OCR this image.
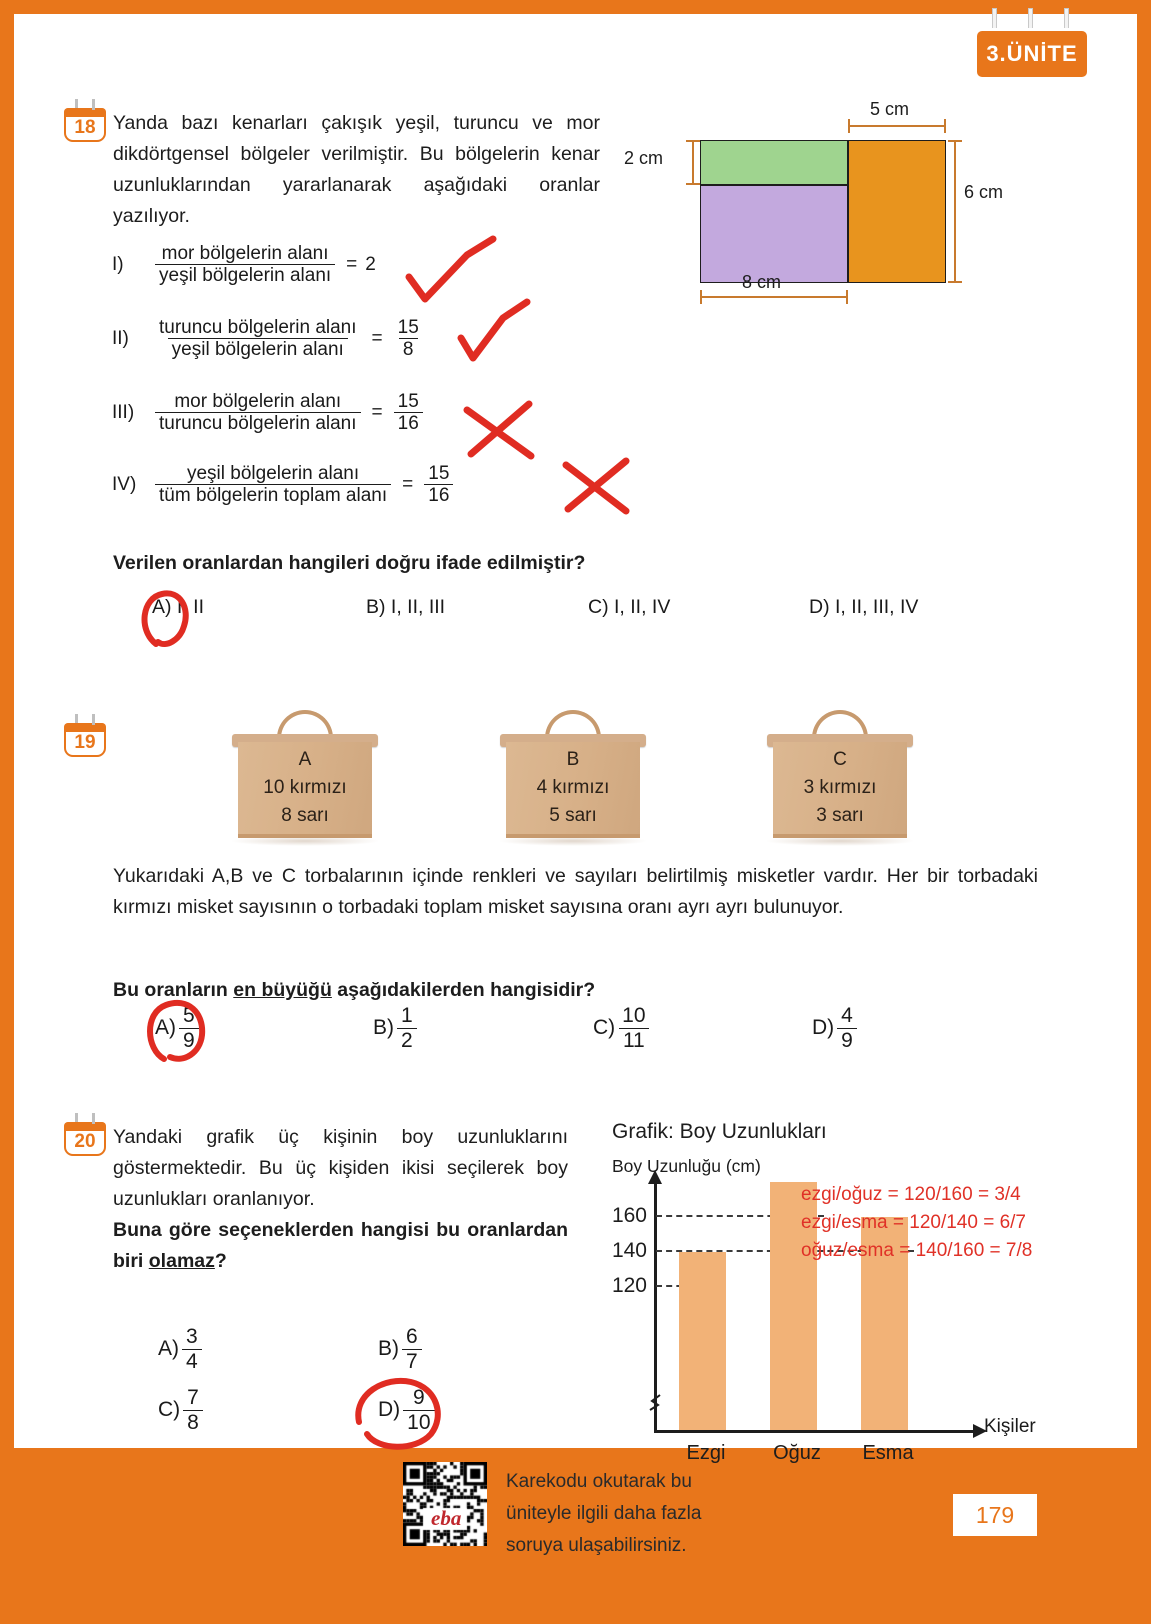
3.ÜNİTE
18 Yanda bazı kenarları çakışık yeşil, turuncu ve mor dikdörtgensel bölgeler verilmiştir. Bu bölgelerin kenar uzunluklarından yararlanarak aşağıdaki oranlar yazılıyor.
I)	$\frac{\text{mor bölgelerin alanı}}{\text{yeşil bölgelerin alanı}} = 2$
II)	$\frac{\text{turuncu bölgelerin alanı}}{\text{yeşil bölgelerin alanı}} = \frac{15}{8}$
III)	$\frac{\text{mor bölgelerin alanı}}{\text{turuncu bölgelerin alanı}} = \frac{15}{16}$
$IV) \frac{\text{yeşil bölgelerin alanı}}{\text{tüm bölgelerin toplam alanı}} = \frac{15}{16}$
5 cm
2 cm
6 cm
8 cm
Verilen oranlardan hangileri doğru ifade edilmiştir?
A) I, II	B) I, II, III	C) I, II, IV	D) I, II, III, IV
19
A
10 kırmızı
8 sarı
B
4 kırmızı
5 sarı
C
3 kırmızı
3 sarı
Yukarıdaki A,B ve C torbalarının içinde renkleri ve sayıları belirtilmiş misketler vardır. Her bir torbadaki kırmızı misket sayısının o torbadaki toplam misket sayısına oranı ayrı ayrı bulunuyor.
Bu oranların en büyüğü aşağıdakilerden hangisidir?
$A) \frac{5}{9}$	$B) \frac{1}{2}$	$C) \frac{10}{11}$	$D) \frac{4}{9}$
20 Yandaki grafik üç kişinin boy uzunluklarını göstermektedir. Bu üç kişiden ikisi seçilerek boy uzunlukları oranlanıyor.
Buna göre seçeneklerden hangisi bu oranlardan biri olamaz?
$A) \frac{3}{4}$	$B) \frac{6}{7}$
$C) \frac{7}{8}$	$D) \frac{9}{10}$
Grafik: Boy Uzunlukları
Boy Uzunluğu (cm)
160
140
120
Ezgi	Oğuz	Esma
Kişiler
ezgi/oğuz = 120/160 = 3/4
ezgi/esma = 120/140 = 6/7
oğuz/esma = 140/160 = 7/8
eba
Karekodu okutarak bu
üniteyle ilgili daha fazla
soruya ulaşabilirsiniz.
179
